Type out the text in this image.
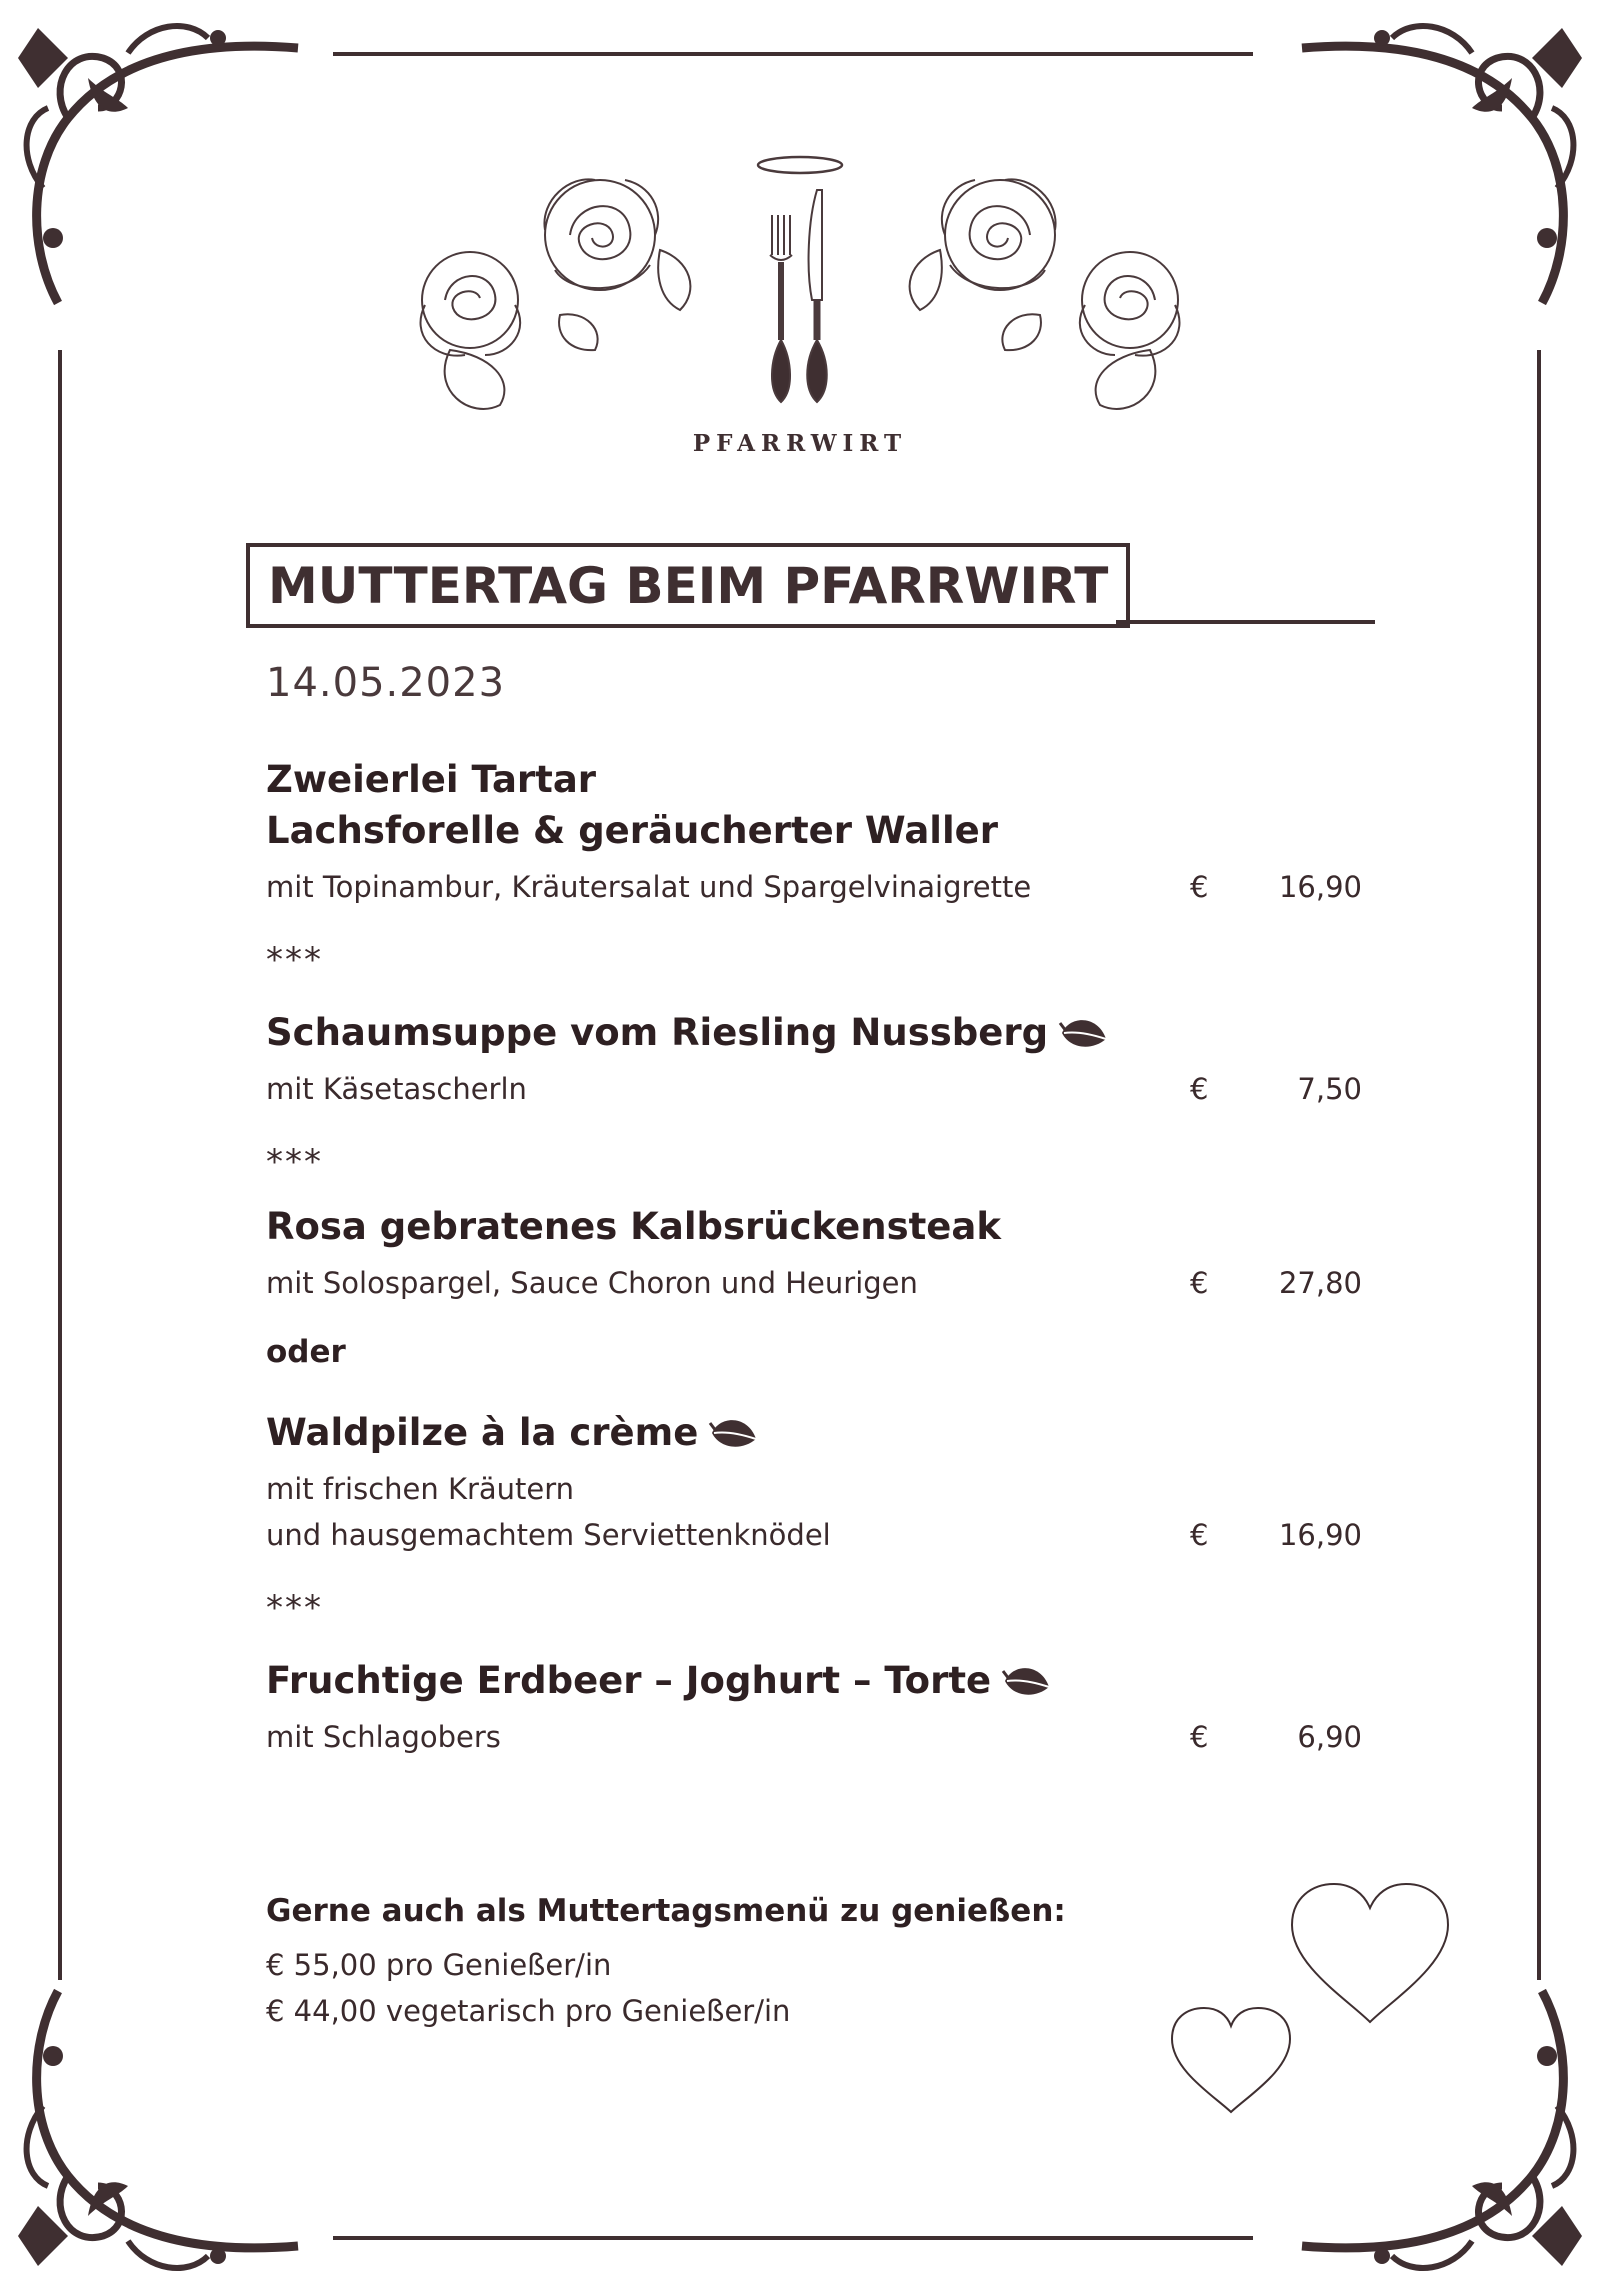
PFARRWIRT
MUTTERTAG BEIM PFARRWIRT
14.05.2023
Zweierlei Tartar
Lachsforelle & geräucherter Waller
mit Topinambur, Kräutersalat und Spargelvinaigrette	€	16,90
***
Schaumsuppe vom Riesling Nussberg
mit Käsetascherln	€	7,50
***
Rosa gebratenes Kalbsrückensteak
mit Solospargel, Sauce Choron und Heurigen	€	27,80
oder
Waldpilze à la crème
mit frischen Kräutern
und hausgemachtem Serviettenknödel	€	16,90
***
Fruchtige Erdbeer – Joghurt – Torte
mit Schlagobers	€	6,90
Gerne auch als Muttertagsmenü zu genießen:
€ 55,00 pro Genießer/in
€ 44,00 vegetarisch pro Genießer/in
